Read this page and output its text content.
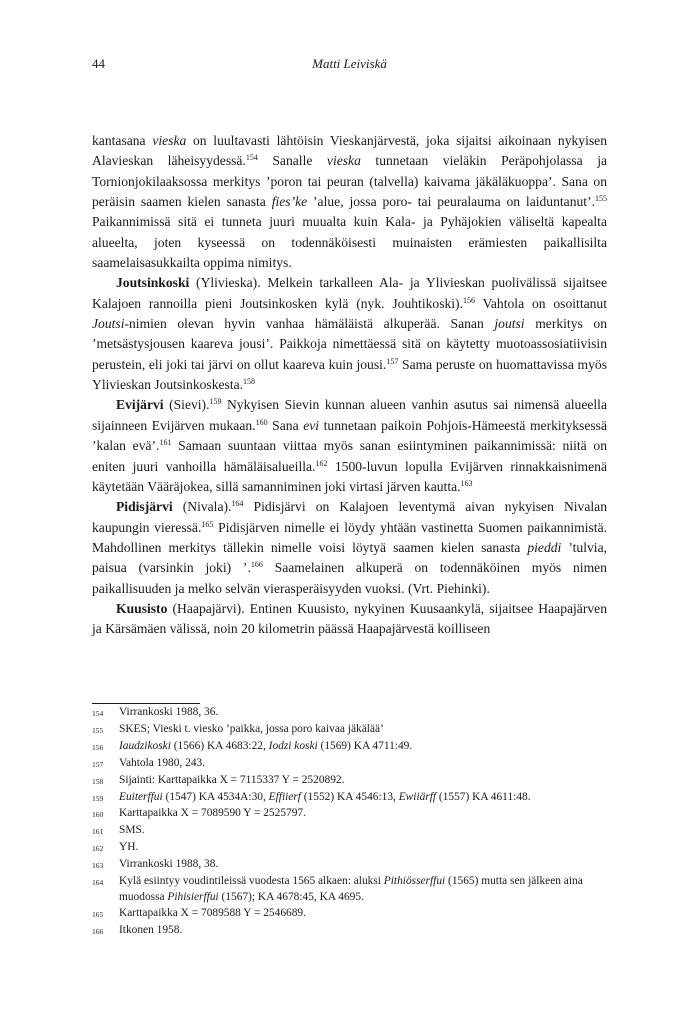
44	Matti Leiviskä

kantasana vieska on luultavasti lähtöisin Vieskanjärvestä, joka sijaitsi aikoinaan nykyisen Alavieskan läheisyydessä.$^{154}$ Sanalle vieska tunnetaan vieläkin Peräpohjolassa ja Tornionjokilaaksossa merkitys ’poron tai peuran (talvella) kaivama jäkäläkuoppa’. Sana on peräisin saamen kielen sanasta fies’ke ’alue, jossa poro- tai peuralauma on laiduntanut’.$^{155}$ Paikannimissä sitä ei tunneta juuri muualta kuin Kala- ja Pyhäjokien väliseltä kapealta alueelta, joten kyseessä on todennäköisesti muinaisten erämiesten paikallisilta saamelaisasukkailta oppima nimitys.

Joutsinkoski (Ylivieska). Melkein tarkalleen Ala- ja Ylivieskan puolivälissä sijaitsee Kalajoen rannoilla pieni Joutsinkosken kylä (nyk. Jouhtikoski).$^{156}$ Vahtola on osoittanut Joutsi-nimien olevan hyvin vanhaa hämäläistä alkuperää. Sanan joutsi merkitys on ’metsästysjousen kaareva jousi’. Paikkoja nimettäessä sitä on käytetty muotoassosiatiivisin perustein, eli joki tai järvi on ollut kaareva kuin jousi.$^{157}$ Sama peruste on huomattavissa myös Ylivieskan Joutsinkoskesta.$^{158}$

Evijärvi (Sievi).$^{159}$ Nykyisen Sievin kunnan alueen vanhin asutus sai nimensä alueella sijainneen Evijärven mukaan.$^{160}$ Sana evi tunnetaan paikoin Pohjois-Hämeestä merkityksessä ’kalan evä’.$^{161}$ Samaan suuntaan viittaa myös sanan esiintyminen paikannimissä: niitä on eniten juuri vanhoilla hämäläisalueilla.$^{162}$ 1500-luvun lopulla Evijärven rinnakkaisnimenä käytetään Vääräjokea, sillä samanniminen joki virtasi järven kautta.$^{163}$

Pidisjärvi (Nivala).$^{164}$ Pidisjärvi on Kalajoen leventymä aivan nykyisen Nivalan kaupungin vieressä.$^{165}$ Pidisjärven nimelle ei löydy yhtään vastinetta Suomen paikannimistä. Mahdollinen merkitys tällekin nimelle voisi löytyä saamen kielen sanasta pieddi ’tulvia, paisua (varsinkin joki) ’.$^{166}$ Saamelainen alkuperä on todennäköinen myös nimen paikallisuuden ja melko selvän vierasperäisyyden vuoksi. (Vrt. Piehinki).

Kuusisto (Haapajärvi). Entinen Kuusisto, nykyinen Kuusaankylä, sijaitsee Haapajärven ja Kärsämäen välissä, noin 20 kilometrin päässä Haapajärvestä koilliseen

154	Virrankoski 1988, 36.
155	SKES; Vieski t. viesko ’paikka, jossa poro kaivaa jäkälää’
156	Iaudzikoski (1566) KA 4683:22, Iodzi koski (1569) KA 4711:49.
157	Vahtola 1980, 243.
158	Sijainti: Karttapaikka X = 7115337 Y = 2520892.
159	Euiterffui (1547) KA 4534A:30, Effiierf (1552) KA 4546:13, Ewiiärff (1557) KA 4611:48.
160	Karttapaikka X = 7089590 Y = 2525797.
161	SMS.
162	YH.
163	Virrankoski 1988, 38.
164	Kylä esiintyy voudintileissä vuodesta 1565 alkaen: aluksi Pithiösserffui (1565) mutta sen jälkeen aina muodossa Pihisierffui (1567); KA 4678:45, KA 4695.
165	Karttapaikka X = 7089588 Y = 2546689.
166	Itkonen 1958.
